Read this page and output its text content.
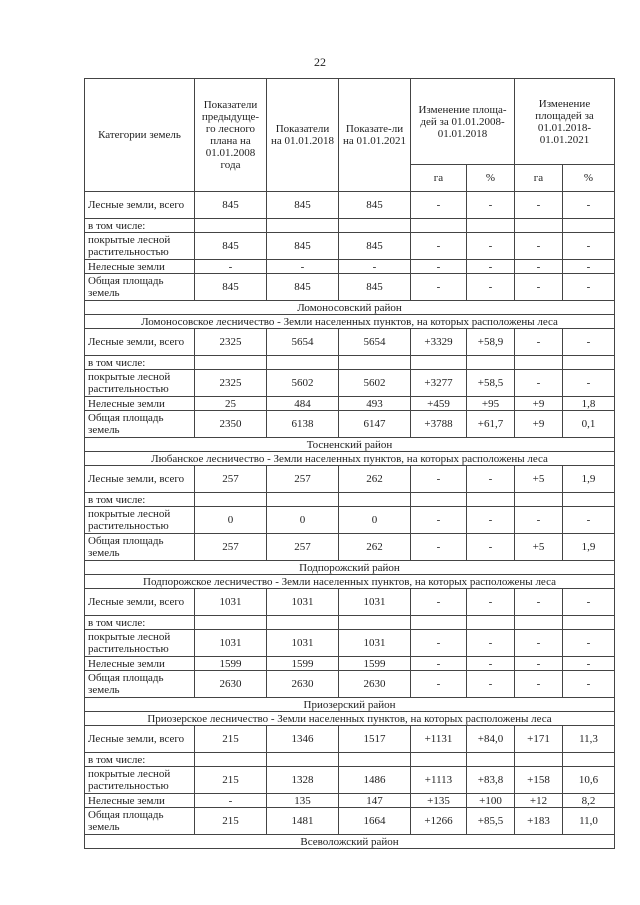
22
Категории земель	Показатели предыдуще-го лесного плана на 01.01.2008 года	Показатели на 01.01.2018	Показате-ли на 01.01.2021	Изменение площа-дей за 01.01.2008-01.01.2018		Изменение площадей за 01.01.2018-01.01.2021	
				га	%	га	%
Лесные земли, всего	845	845	845	-	-	-	-
в том числе:							
покрытые лесной растительностью	845	845	845	-	-	-	-
Нелесные земли	-	-	-	-	-	-	-
Общая площадь земель	845	845	845	-	-	-	-
Ломоносовский район							
Ломоносовское лесничество - Земли населенных пунктов, на которых расположены леса							
Лесные земли, всего	2325	5654	5654	+3329	+58,9	-	-
в том числе:							
покрытые лесной растительностью	2325	5602	5602	+3277	+58,5	-	-
Нелесные земли	25	484	493	+459	+95	+9	1,8
Общая площадь земель	2350	6138	6147	+3788	+61,7	+9	0,1
Тосненский район							
Любанское лесничество - Земли населенных пунктов, на которых расположены леса							
Лесные земли, всего	257	257	262	-	-	+5	1,9
в том числе:							
покрытые лесной растительностью	0	0	0	-	-	-	-
Общая площадь земель	257	257	262	-	-	+5	1,9
Подпорожский район							
Подпорожское лесничество - Земли населенных пунктов, на которых расположены леса							
Лесные земли, всего	1031	1031	1031	-	-	-	-
в том числе:							
покрытые лесной растительностью	1031	1031	1031	-	-	-	-
Нелесные земли	1599	1599	1599	-	-	-	-
Общая площадь земель	2630	2630	2630	-	-	-	-
Приозерский район							
Приозерское лесничество - Земли населенных пунктов, на которых расположены леса							
Лесные земли, всего	215	1346	1517	+1131	+84,0	+171	11,3
в том числе:							
покрытые лесной растительностью	215	1328	1486	+1113	+83,8	+158	10,6
Нелесные земли	-	135	147	+135	+100	+12	8,2
Общая площадь земель	215	1481	1664	+1266	+85,5	+183	11,0
Всеволожский район							
